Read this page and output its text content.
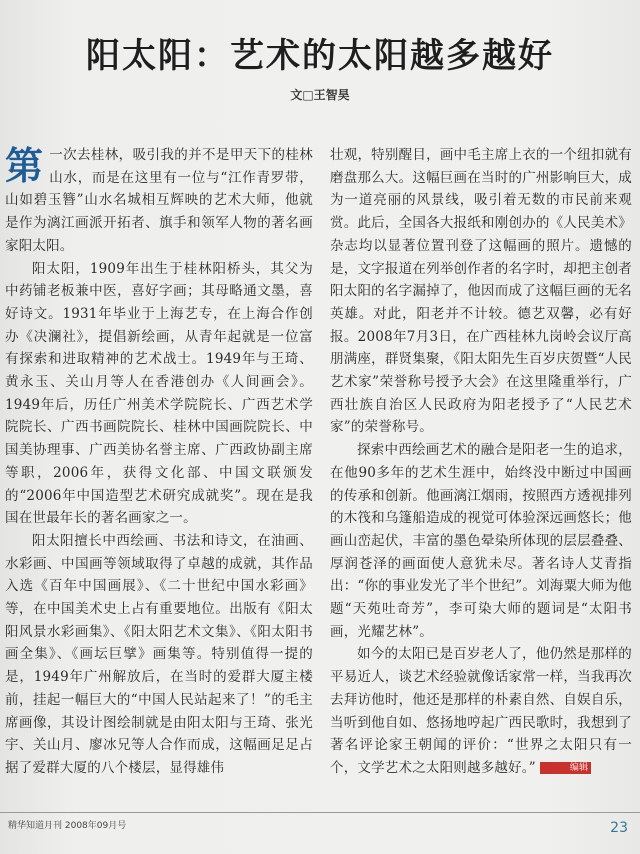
阳太阳：艺术的太阳越多越好
文□王智昊

第 一次去桂林，吸引我的并不是甲天下的桂林山水，而是在这里有一位与“江作青罗带，山如碧玉簪”山水名城相互辉映的艺术大师，他就是作为漓江画派开拓者、旗手和领军人物的著名画家阳太阳。

阳太阳，1909年出生于桂林阳桥头，其父为中药铺老板兼中医，喜好字画；其母略通文墨，喜好诗文。1931年毕业于上海艺专，在上海合作创办《决澜社》，提倡新绘画，从青年起就是一位富有探索和进取精神的艺术战士。1949年与王琦、黄永玉、关山月等人在香港创办《人间画会》。1949年后，历任广州美术学院院长、广西艺术学院院长、广西书画院院长、桂林中国画院院长、中国美协理事、广西美协名誉主席、广西政协副主席等职，2006年，获得文化部、中国文联颁发的“2006年中国造型艺术研究成就奖”。现在是我国在世最年长的著名画家之一。

阳太阳擅长中西绘画、书法和诗文，在油画、水彩画、中国画等领域取得了卓越的成就，其作品入选《百年中国画展》、《二十世纪中国水彩画》等，在中国美术史上占有重要地位。出版有《阳太阳风景水彩画集》、《阳太阳艺术文集》、《阳太阳书画全集》、《画坛巨擘》画集等。特别值得一提的是，1949年广州解放后，在当时的爱群大厦主楼前，挂起一幅巨大的“中国人民站起来了！”的毛主席画像，其设计图绘制就是由阳太阳与王琦、张光宇、关山月、廖冰兄等人合作而成，这幅画足足占据了爱群大厦的八个楼层，显得雄伟

壮观，特别醒目，画中毛主席上衣的一个纽扣就有磨盘那么大。这幅巨画在当时的广州影响巨大，成为一道亮丽的风景线，吸引着无数的市民前来观赏。此后，全国各大报纸和刚创办的《人民美术》杂志均以显著位置刊登了这幅画的照片。遗憾的是，文字报道在列举创作者的名字时，却把主创者阳太阳的名字漏掉了，他因而成了这幅巨画的无名英雄。对此，阳老并不计较。德艺双馨，必有好报。2008年7月3日，在广西桂林九岗岭会议厅高朋满座，群贤集聚，《阳太阳先生百岁庆贺暨“人民艺术家”荣誉称号授予大会》在这里隆重举行，广西壮族自治区人民政府为阳老授予了“人民艺术家”的荣誉称号。

探索中西绘画艺术的融合是阳老一生的追求，在他90多年的艺术生涯中，始终没中断过中国画的传承和创新。他画漓江烟雨，按照西方透视排列的木筏和乌篷船造成的视觉可体验深远画悠长；他画山峦起伏，丰富的墨色晕染所体现的层层叠叠、厚润苍泽的画面使人意犹未尽。著名诗人艾青指出：“你的事业发光了半个世纪”。刘海粟大师为他题“天苑吐奇芳”，李可染大师的题词是“太阳书画，光耀艺林”。

如今的太阳已是百岁老人了，他仍然是那样的平易近人，谈艺术经验就像话家常一样，当我再次去拜访他时，他还是那样的朴素自然、自娱自乐，当听到他自如、悠扬地哼起广西民歌时，我想到了著名评论家王朝闻的评价：“世界之太阳只有一个，文学艺术之太阳则越多越好。”	编辑

精华知道月刊 2008年09月号	23
